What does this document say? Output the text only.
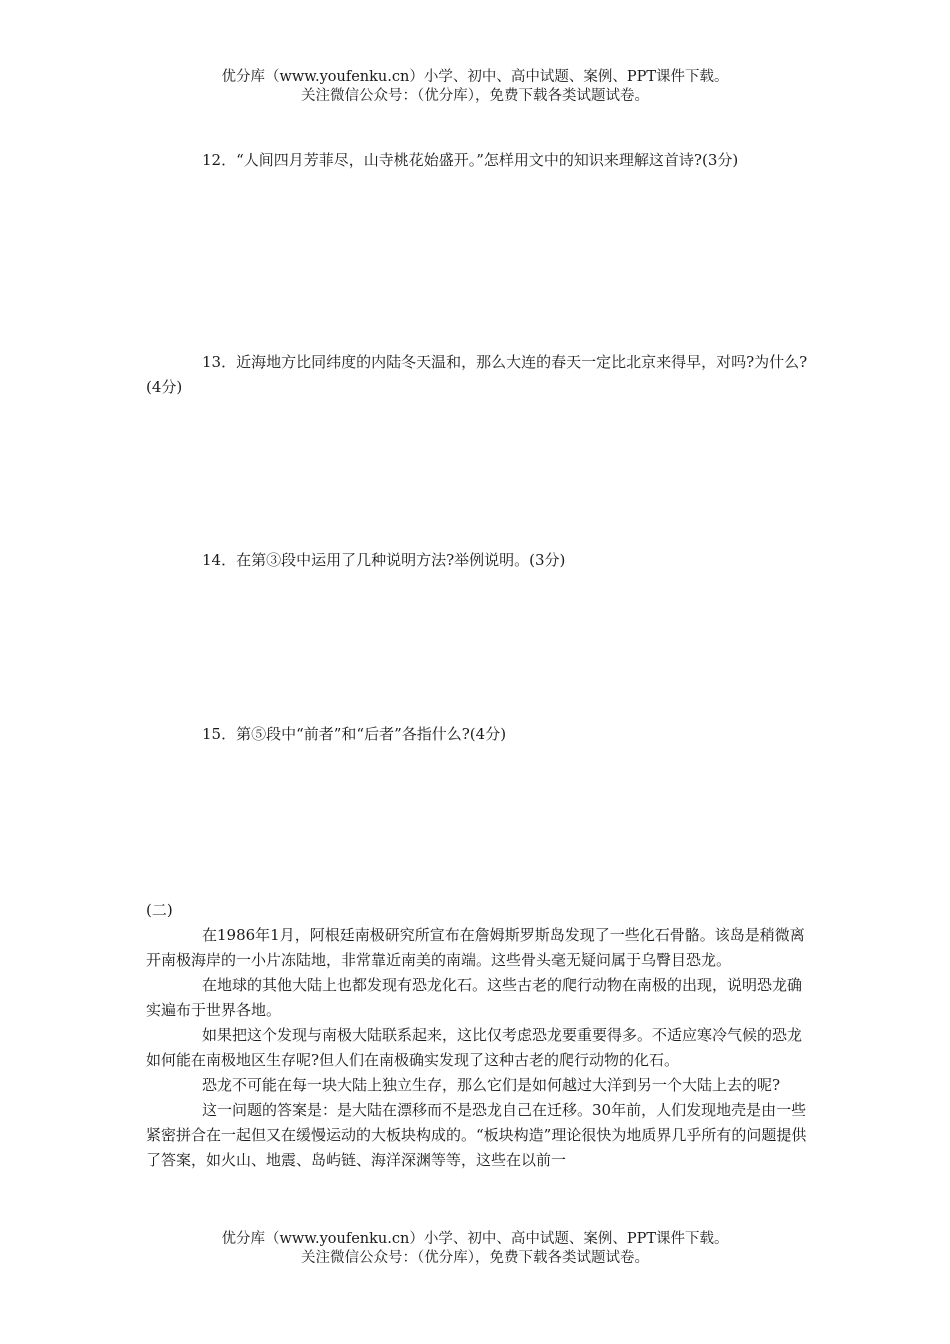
优分库（www.youfenku.cn）小学、初中、高中试题、案例、PPT课件下载。
关注微信公众号：（优分库），免费下载各类试题试卷。
12．“人间四月芳菲尽，山寺桃花始盛开。”怎样用文中的知识来理解这首诗?(3分)
13．近海地方比同纬度的内陆冬天温和，那么大连的春天一定比北京来得早，对吗?为什么?(4分)
14．在第③段中运用了几种说明方法?举例说明。(3分)
15．第⑤段中“前者”和“后者”各指什么?(4分)
(二)

在1986年1月，阿根廷南极研究所宣布在詹姆斯罗斯岛发现了一些化石骨骼。该岛是稍微离开南极海岸的一小片冻陆地，非常靠近南美的南端。这些骨头毫无疑问属于乌臀目恐龙。

在地球的其他大陆上也都发现有恐龙化石。这些古老的爬行动物在南极的出现，说明恐龙确实遍布于世界各地。

如果把这个发现与南极大陆联系起来，这比仅考虑恐龙要重要得多。不适应寒冷气候的恐龙如何能在南极地区生存呢?但人们在南极确实发现了这种古老的爬行动物的化石。

恐龙不可能在每一块大陆上独立生存，那么它们是如何越过大洋到另一个大陆上去的呢?

这一问题的答案是：是大陆在漂移而不是恐龙自己在迁移。30年前，人们发现地壳是由一些紧密拼合在一起但又在缓慢运动的大板块构成的。“板块构造”理论很快为地质界几乎所有的问题提供了答案，如火山、地震、岛屿链、海洋深渊等等，这些在以前一

优分库（www.youfenku.cn）小学、初中、高中试题、案例、PPT课件下载。
关注微信公众号：（优分库），免费下载各类试题试卷。
